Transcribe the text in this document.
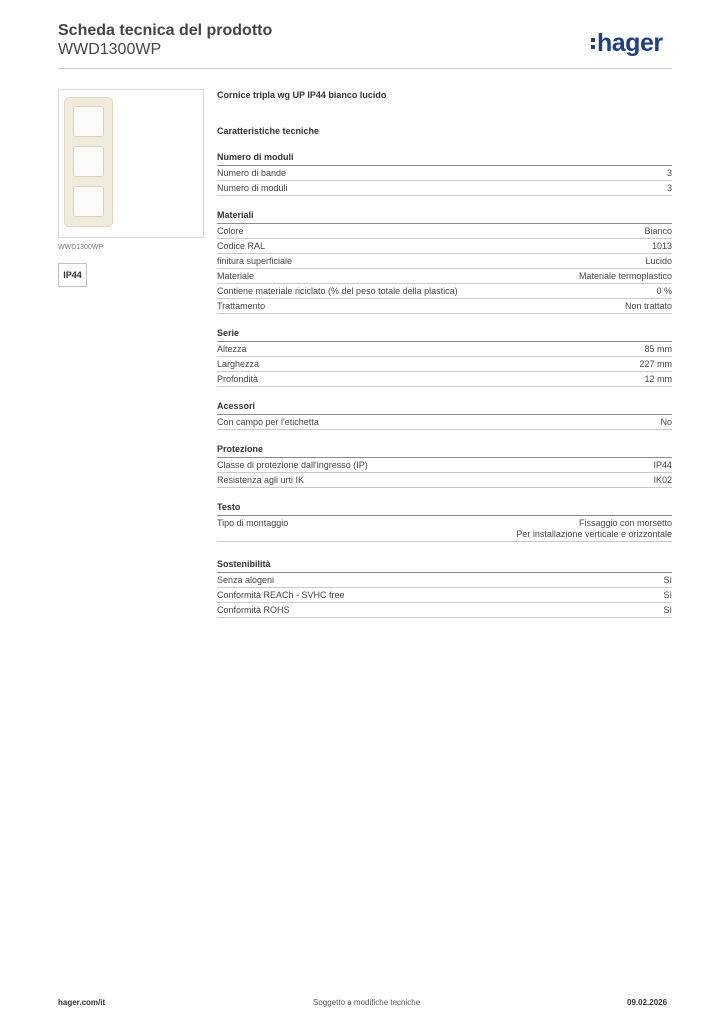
Scheda tecnica del prodotto
WWD1300WP	hager
WWD1300WP
IP44
Cornice tripla wg UP IP44 bianco lucido
Caratteristiche tecniche
Numero di moduli
Numero di bande	3
Numero di moduli	3
Materiali
Colore	Bianco
Codice RAL	1013
finitura superficiale	Lucido
Materiale	Materiale termoplastico
Contiene materiale riciclato (% del peso totale della plastica)	0 %
Trattamento	Non trattato
Serie
Altezza	85 mm
Larghezza	227 mm
Profondità	12 mm
Acessori
Con campo per l'etichetta	No
Protezione
Classe di protezione dall'ingresso (IP)	IP44
Resistenza agli urti IK	IK02
Testo
Tipo di montaggio	Fissaggio con morsetto
Per installazione verticale e orizzontale
Sostenibilità
Senza alogeni	Sì
Conformità REACh - SVHC free	Sì
Conformità ROHS	Sì
hager.com/it	Soggetto a modifiche tecniche	09.02.2026
